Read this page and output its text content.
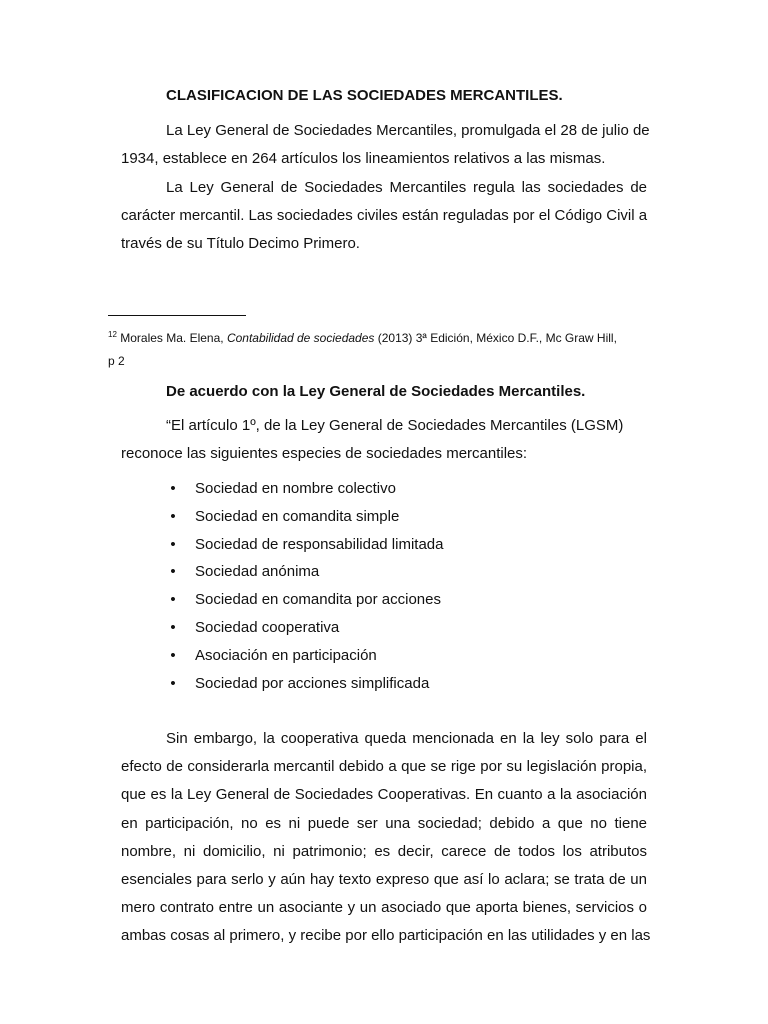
CLASIFICACION DE LAS SOCIEDADES MERCANTILES.
La Ley General de Sociedades Mercantiles, promulgada el 28 de julio de
1934, establece en 264 artículos los lineamientos relativos a las mismas.
La Ley General de Sociedades Mercantiles regula las sociedades de
carácter mercantil. Las sociedades civiles están reguladas por el Código Civil a
través de su Título Decimo Primero.
$^{12}$ Morales Ma. Elena, Contabilidad de sociedades (2013) 3ª Edición, México D.F., Mc Graw Hill,
p 2
De acuerdo con la Ley General de Sociedades Mercantiles.
“El artículo 1º, de la Ley General de Sociedades Mercantiles (LGSM)
reconoce las siguientes especies de sociedades mercantiles:
• Sociedad en nombre colectivo
• Sociedad en comandita simple
• Sociedad de responsabilidad limitada
• Sociedad anónima
• Sociedad en comandita por acciones
• Sociedad cooperativa
• Asociación en participación
• Sociedad por acciones simplificada
Sin embargo, la cooperativa queda mencionada en la ley solo para el
efecto de considerarla mercantil debido a que se rige por su legislación propia,
que es la Ley General de Sociedades Cooperativas. En cuanto a la asociación
en participación, no es ni puede ser una sociedad; debido a que no tiene
nombre, ni domicilio, ni patrimonio; es decir, carece de todos los atributos
esenciales para serlo y aún hay texto expreso que así lo aclara; se trata de un
mero contrato entre un asociante y un asociado que aporta bienes, servicios o
ambas cosas al primero, y recibe por ello participación en las utilidades y en las
